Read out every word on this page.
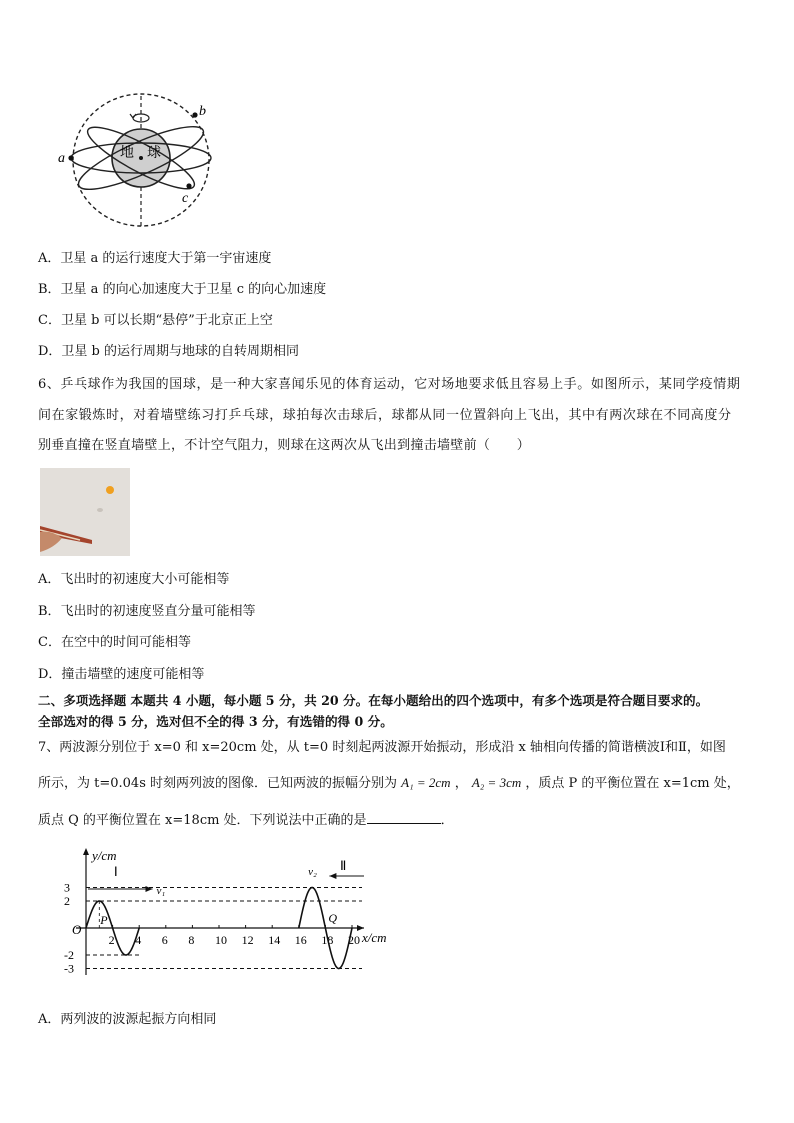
a
b
c
地 球
A．卫星 a 的运行速度大于第一宇宙速度
B．卫星 a 的向心加速度大于卫星 c 的向心加速度
C．卫星 b 可以长期“悬停”于北京正上空
D．卫星 b 的运行周期与地球的自转周期相同
6、乒乓球作为我国的国球，是一种大家喜闻乐见的体育运动，它对场地要求低且容易上手。如图所示，某同学疫情期
间在家锻炼时，对着墙壁练习打乒乓球，球拍每次击球后，球都从同一位置斜向上飞出，其中有两次球在不同高度分
别垂直撞在竖直墙壁上，不计空气阻力，则球在这两次从飞出到撞击墙壁前（　　）
A．飞出时的初速度大小可能相等
B．飞出时的初速度竖直分量可能相等
C．在空中的时间可能相等
D．撞击墙壁的速度可能相等
二、多项选择题 本题共 4 小题，每小题 5 分，共 20 分。在每小题给出的四个选项中，有多个选项是符合题目要求的。
全部选对的得 5 分，选对但不全的得 3 分，有选错的得 0 分。
7、两波源分别位于 x=0 和 x=20cm 处，从 t=0 时刻起两波源开始振动，形成沿 x 轴相向传播的简谐横波Ⅰ和Ⅱ，如图
所示，为 t=0.04s 时刻两列波的图像．已知两波的振幅分别为 A₁ = 2cm ， A₂ = 3cm ，质点 P 的平衡位置在 x=1cm 处，
质点 Q 的平衡位置在 x=18cm 处．下列说法中正确的是	．
y/cm
x/cm
3
2
-2
-3
O
2 4 6 8 10 12 14 16 18 20
Ⅰ	Ⅱ
v₁
v₂
P	Q
A．两列波的波源起振方向相同
